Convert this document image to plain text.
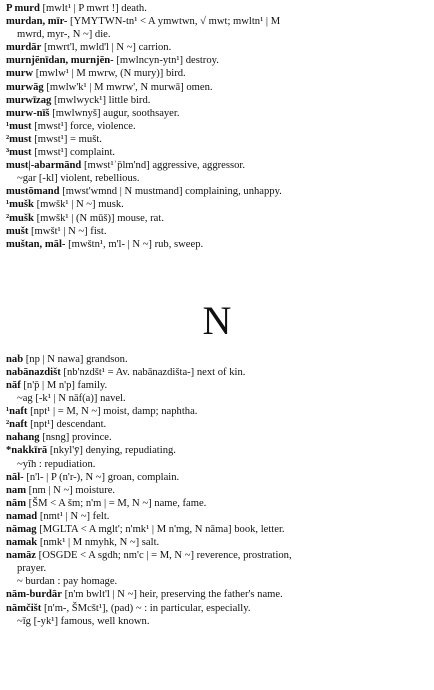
P murd [mwlt¹ | P mwrt !] death.
murdan, mīr- [YMYTWN-tn¹ < A ymwtwn, √ mwt; mwltn¹ | M
mwrd, myr-, N ~] die.
murdār [mwrt'l, mwld'l | N ~] carrion.
murnjēnīdan, murnjēn- [mwlncyn-ytn¹] destroy.
murw [mwlw¹ | M mwrw, (N mury)] bird.
murwāg [mwlw'k¹ | M mwrw', N murwā] omen.
murwīzag [mwlwyck¹] little bird.
murw-nīš [mwlwnyš] augur, soothsayer.
¹must [mwst¹] force, violence.
²must [mwst¹] = mušt.
³must [mwst¹] complaint.
must|-abarmānd [mwst¹ʾp̄lm'nd] aggressive, aggressor.
~gar [-kl] violent, rebellious.
mustōmand [mwst'wmnd | N mustmand] complaining, unhappy.
¹mušk [mwšk¹ | N ~] musk.
²mušk [mwšk¹ | (N mūš)] mouse, rat.
mušt [mwšt¹ | N ~] fist.
muštan, māl- [mwštn¹, m'l- | N ~] rub, sweep.
N
nab [np | N nawa] grandson.
nabānazdišt [nb'nzdšt¹ = Av. nabānazdišta-] next of kin.
nāf [n'p̄ | M n'p] family.
~ag [-k¹ | N nāf(a)] navel.
¹naft [npt¹ | = M, N ~] moist, damp; naphtha.
²naft [npt¹] descendant.
nahang [nsng] province.
*nakkīrā [nkyl'ȳ] denying, repudiating.
~yīh : repudiation.
nāl- [n'l- | P (n'r-), N ~] groan, complain.
nam [nm | N ~] moisture.
nām [ŠM < A šm; n'm | = M, N ~] name, fame.
namad [nmt¹ | N ~] felt.
nāmag [MGLTA < A mglt'; n'mk¹ | M n'mg, N nāma] book, letter.
namak [nmk¹ | M nmyhk, N ~] salt.
namāz [OSGDE < A sgdh; nm'c | = M, N ~] reverence, prostration,
prayer.
~ burdan : pay homage.
nām-burdār [n'm bwlt'l | N ~] heir, preserving the father's name.
nāmčišt [n'm-, ŠMcšt¹], (pad) ~ : in particular, especially.
~īg [-yk¹] famous, well known.
